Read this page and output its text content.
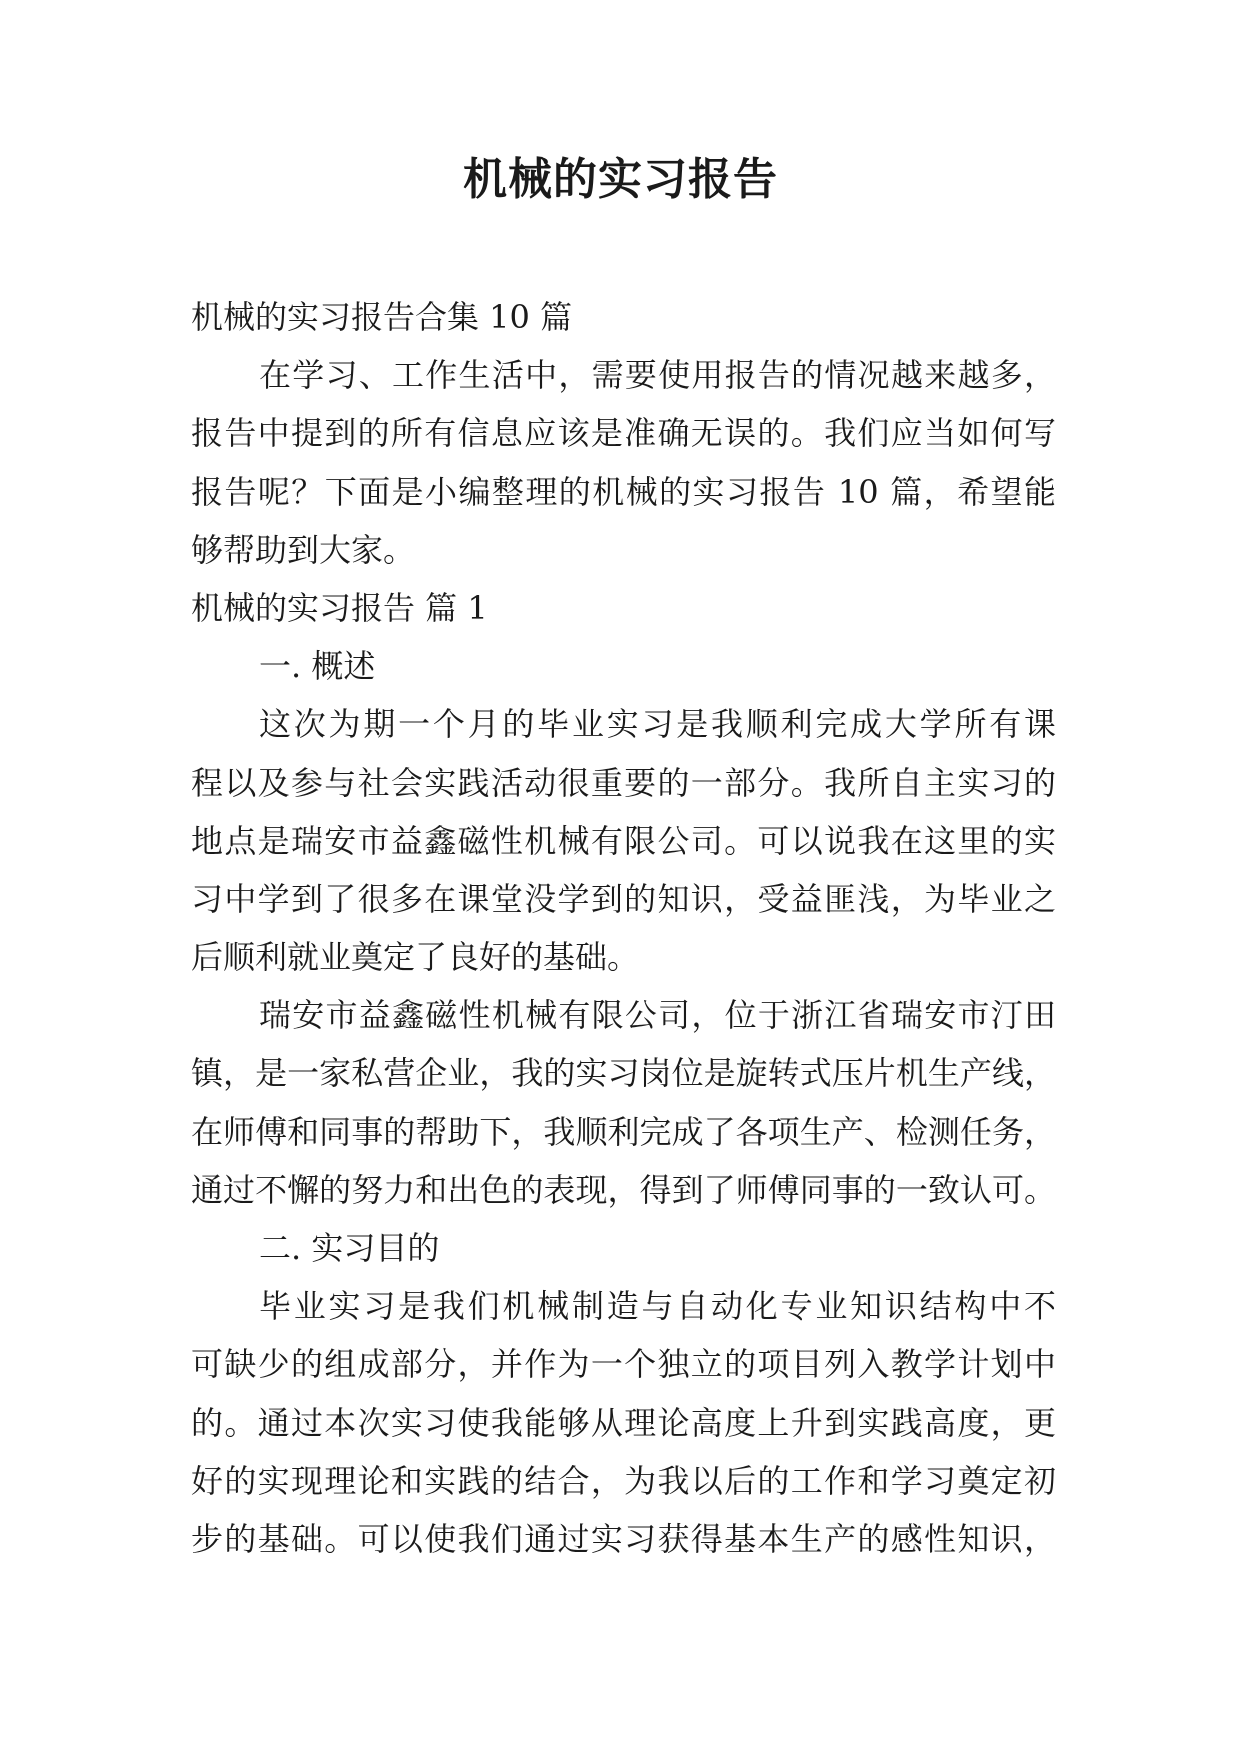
机械的实习报告
机械的实习报告合集 10 篇
在学习、工作生活中，需要使用报告的情况越来越多，
报告中提到的所有信息应该是准确无误的。我们应当如何写
报告呢？下面是小编整理的机械的实习报告 10 篇，希望能
够帮助到大家。
机械的实习报告 篇 1
一. 概述
这次为期一个月的毕业实习是我顺利完成大学所有课
程以及参与社会实践活动很重要的一部分。我所自主实习的
地点是瑞安市益鑫磁性机械有限公司。可以说我在这里的实
习中学到了很多在课堂没学到的知识，受益匪浅，为毕业之
后顺利就业奠定了良好的基础。
瑞安市益鑫磁性机械有限公司，位于浙江省瑞安市汀田
镇，是一家私营企业，我的实习岗位是旋转式压片机生产线，
在师傅和同事的帮助下，我顺利完成了各项生产、检测任务，
通过不懈的努力和出色的表现，得到了师傅同事的一致认可。
二. 实习目的
毕业实习是我们机械制造与自动化专业知识结构中不
可缺少的组成部分，并作为一个独立的项目列入教学计划中
的。通过本次实习使我能够从理论高度上升到实践高度，更
好的实现理论和实践的结合，为我以后的工作和学习奠定初
步的基础。可以使我们通过实习获得基本生产的感性知识，
